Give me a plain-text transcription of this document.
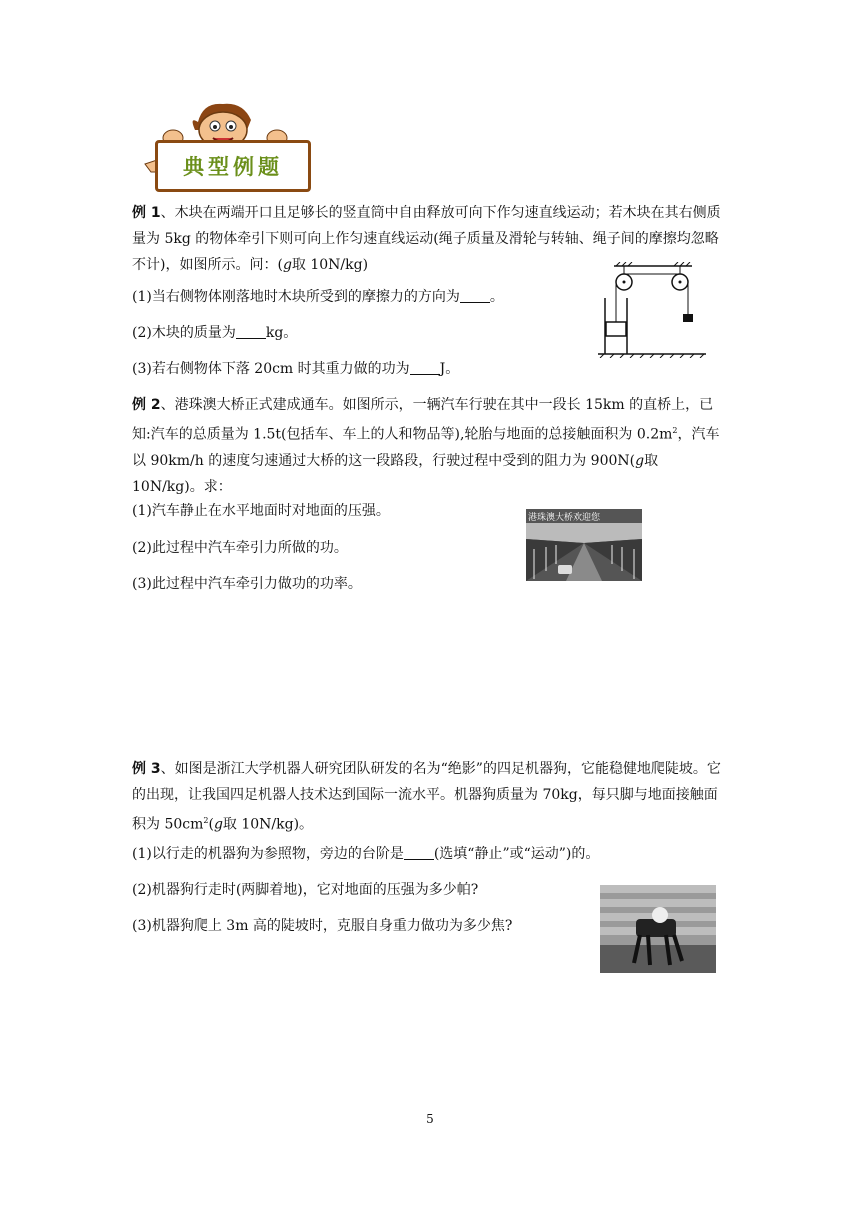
典型例题

例 1、木块在两端开口且足够长的竖直筒中自由释放可向下作匀速直线运动；若木块在其右侧质量为 5kg 的物体牵引下则可向上作匀速直线运动(绳子质量及滑轮与转轴、绳子间的摩擦均忽略不计)，如图所示。问：(g取 10N/kg)

(1)当右侧物体刚落地时木块所受到的摩擦力的方向为 。

(2)木块的质量为 kg。

(3)若右侧物体下落 20cm 时其重力做的功为 J。

例 2、港珠澳大桥正式建成通车。如图所示，一辆汽车行驶在其中一段长 15km 的直桥上，已知:汽车的总质量为 1.5t(包括车、车上的人和物品等),轮胎与地面的总接触面积为 $0.2m^2$，汽车以 90km/h 的速度匀速通过大桥的这一段路段，行驶过程中受到的阻力为 900N(g取 10N/kg)。求：

(1)汽车静止在水平地面时对地面的压强。

(2)此过程中汽车牵引力所做的功。

(3)此过程中汽车牵引力做功的功率。

港珠澳大桥欢迎您

例 3、如图是浙江大学机器人研究团队研发的名为“绝影”的四足机器狗，它能稳健地爬陡坡。它的出现，让我国四足机器人技术达到国际一流水平。机器狗质量为 70kg，每只脚与地面接触面积为 $50cm^2(g$取 10N/kg)。

(1)以行走的机器狗为参照物，旁边的台阶是 (选填“静止”或“运动”)的。

(2)机器狗行走时(两脚着地)，它对地面的压强为多少帕?

(3)机器狗爬上 3m 高的陡坡时，克服自身重力做功为多少焦?

5
